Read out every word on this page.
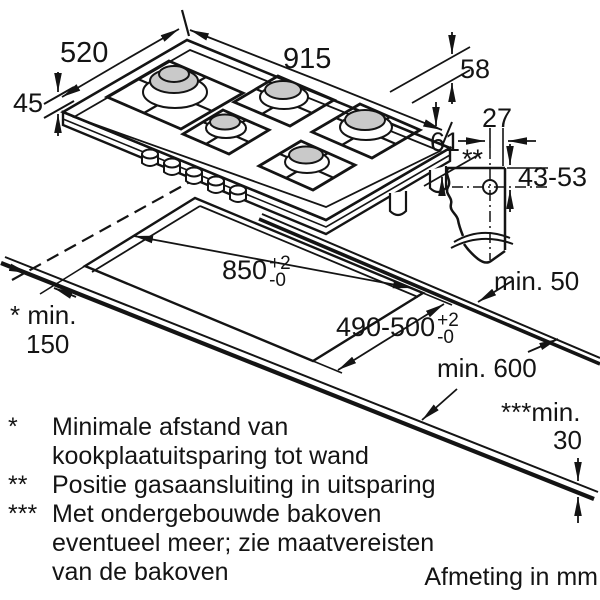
520	915	58
45	27
61
**
43-53
min. 50
850 +2
-0
490-500 +2
-0
min. 600
***min.
30
* min.
150
*	Minimale afstand van
kookplaatuitsparing tot wand
** Positie gasaansluiting in uitsparing
*** Met ondergebouwde bakoven
eventueel meer; zie maatvereisten
van de bakoven	Afmeting in mm
